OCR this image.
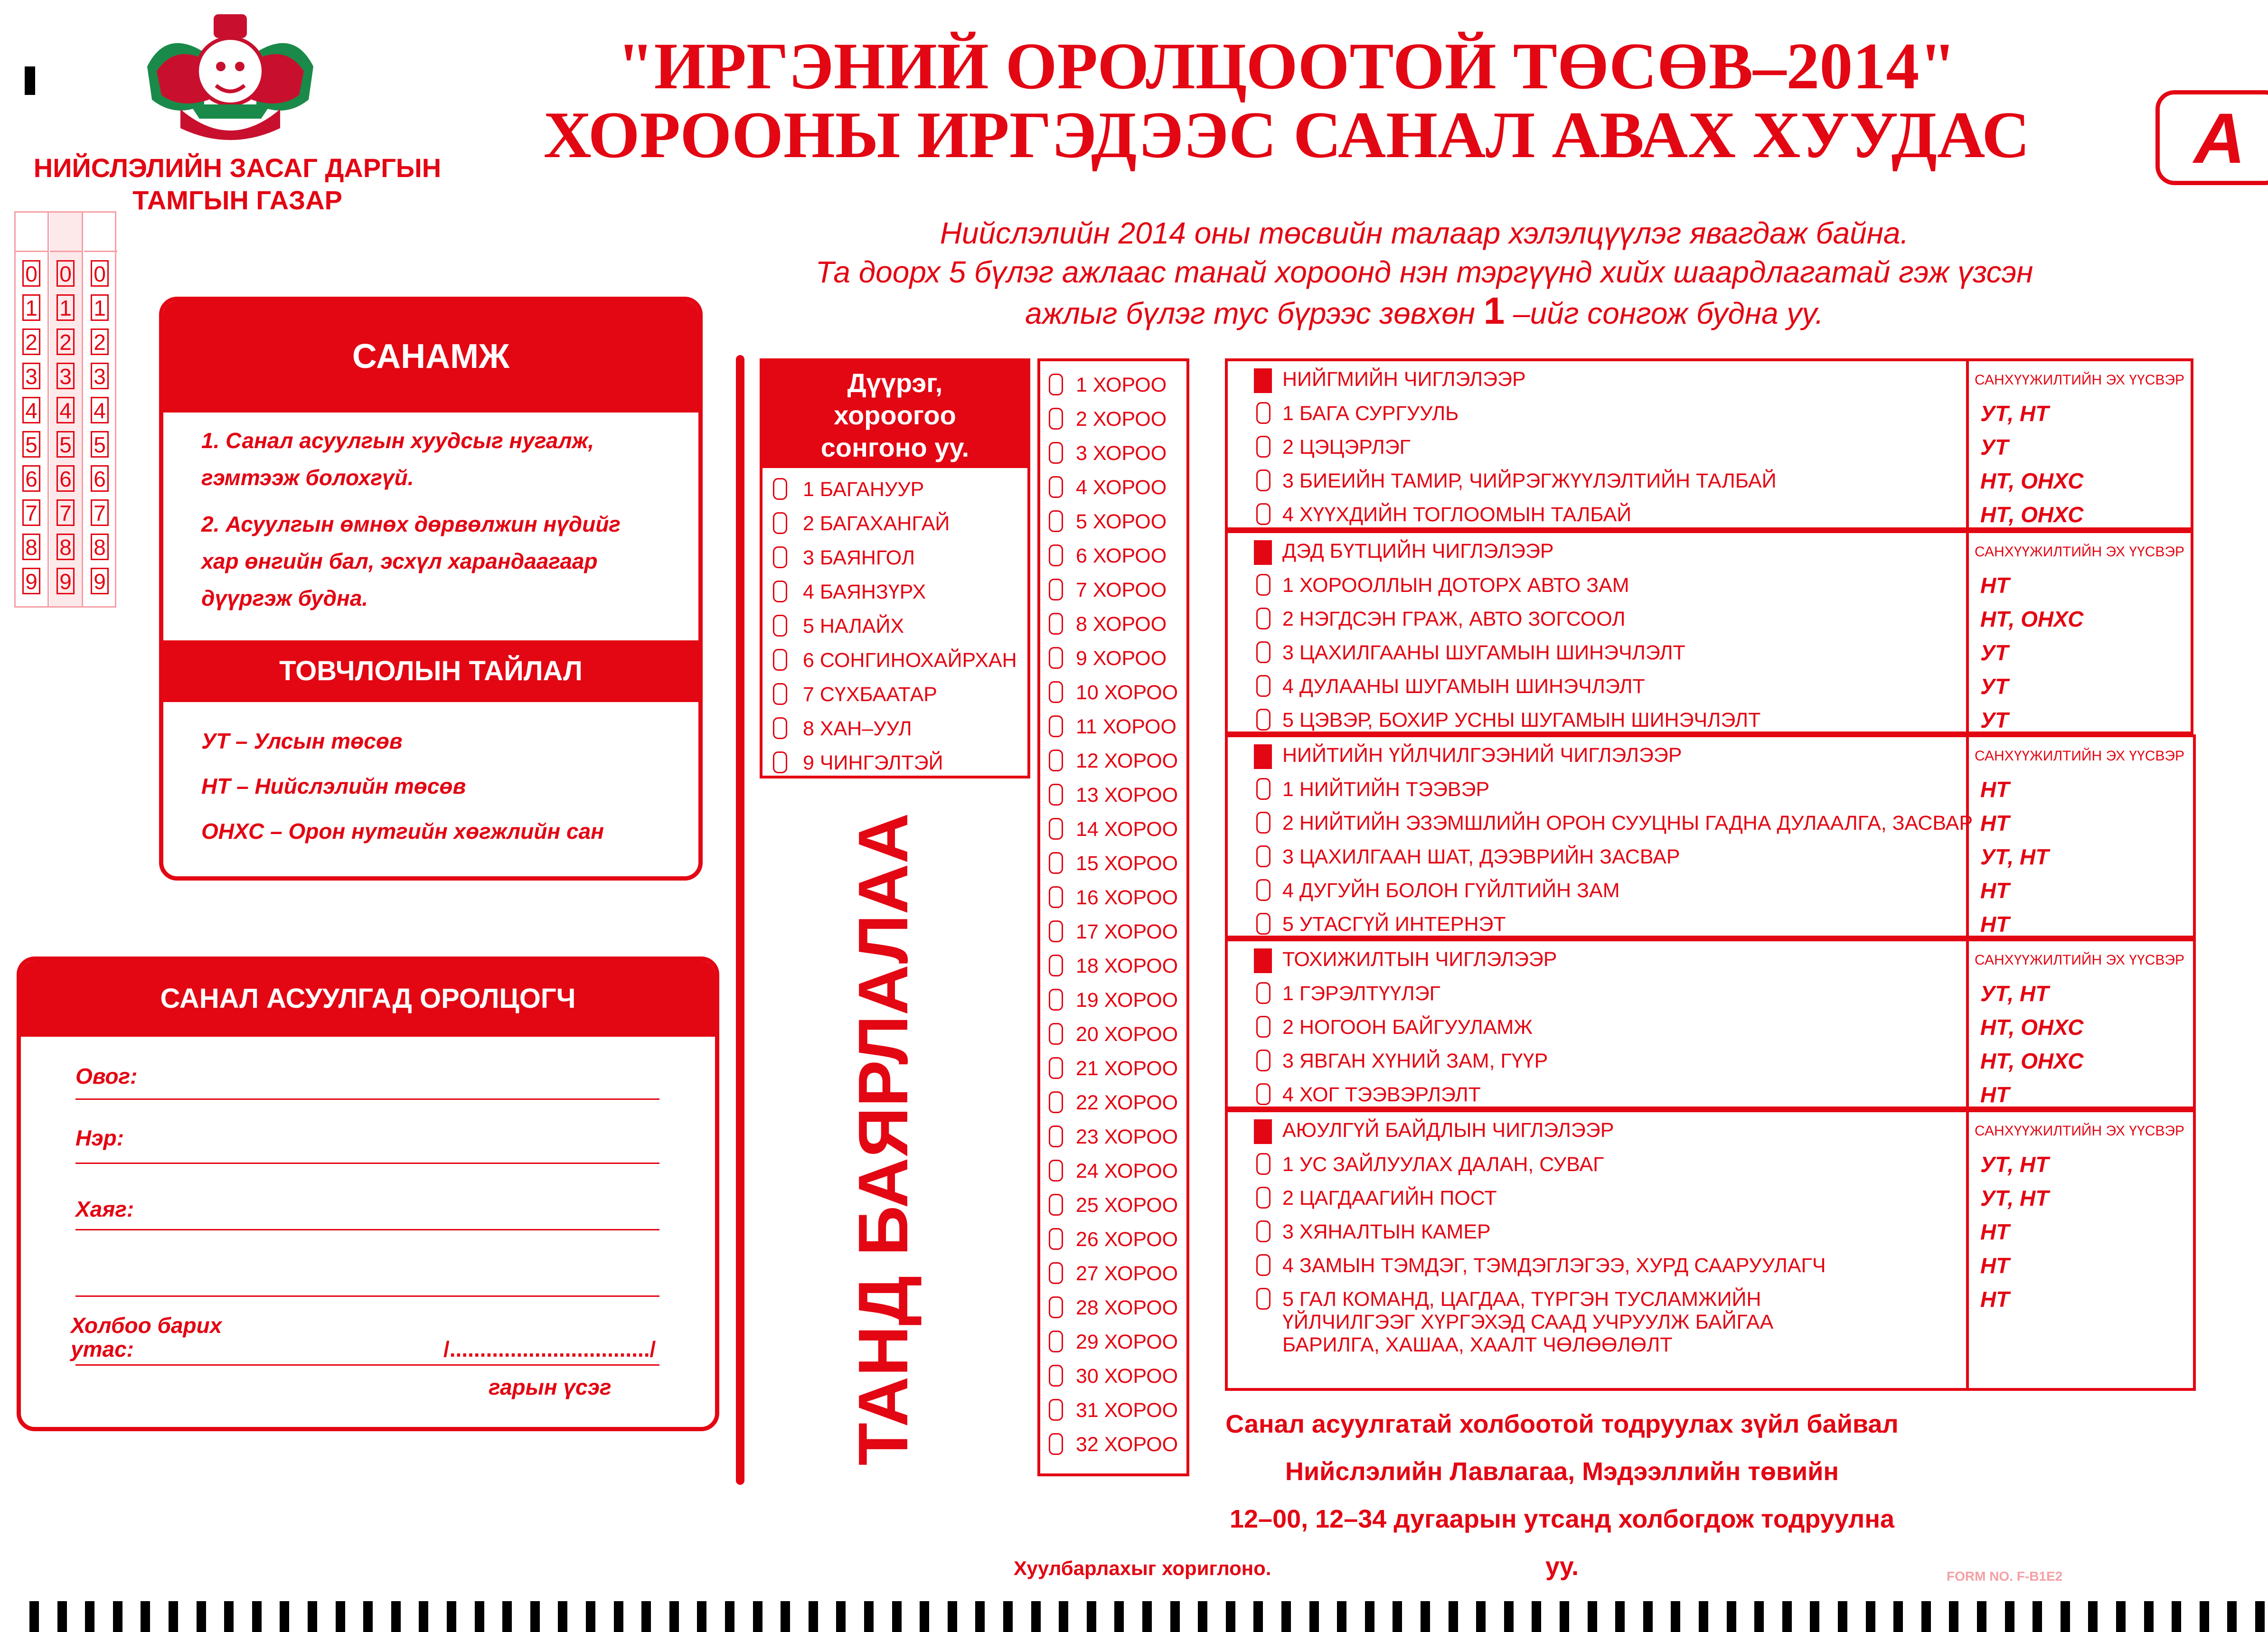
"ИРГЭНИЙ ОРОЛЦООТОЙ ТӨСӨВ–2014"
ХОРООНЫ ИРГЭДЭЭС САНАЛ АВАХ ХУУДАС	A
НИЙСЛЭЛИЙН ЗАСАГ ДАРГЫН
ТАМГЫН ГАЗАР
Нийслэлийн 2014 оны төсвийн талаар хэлэлцүүлэг явагдаж байна.
Та доорх 5 бүлэг ажлаас танай хороонд нэн тэргүүнд хийх шаардлагатай гэж үзсэн
ажлыг бүлэг тус бүрээс зөвхөн 1 –ийг сонгож будна уу.
0 0 0
1 1 1
2 2 2
3 3 3
4 4 4
5 5 5
6 6 6
7 7 7
8 8 8
9 9 9
САНАМЖ
1. Санал асуулгын хуудсыг нугалж,
гэмтээж болохгүй.
2. Асуулгын өмнөх дөрвөлжин нүдийг
хар өнгийн бал, эсхүл харандаагаар
дүүргэж будна.
ТОВЧЛОЛЫН ТАЙЛАЛ
УТ – Улсын төсөв
НТ – Нийслэлийн төсөв
ОНХС – Орон нутгийн хөгжлийн сан
САНАЛ АСУУЛГАД ОРОЛЦОГЧ
Овог:
Нэр:
Хаяг:
Холбоо барих
утас:	/................................./
гарын үсэг	ТАНД БАЯРЛАЛАА
Дүүрэг,
хорoогоо
сонгоно уу.
1 БАГАНУУР
2 БАГАХАНГАЙ
3 БАЯНГОЛ
4 БАЯНЗҮРХ
5 НАЛАЙХ
6 СОНГИНОХАЙРХАН
7 СҮХБААТАР
8 ХАН–УУЛ
9 ЧИНГЭЛТЭЙ
1 ХОРОО
2 ХОРОО
3 ХОРОО
4 ХОРОО
5 ХОРОО
6 ХОРОО
7 ХОРОО
8 ХОРОО
9 ХОРОО
10 ХОРОО
11 ХОРОО
12 ХОРОО
13 ХОРОО
14 ХОРОО
15 ХОРОО
16 ХОРОО
17 ХОРОО
18 ХОРОО
19 ХОРОО
20 ХОРОО
21 ХОРОО
22 ХОРОО
23 ХОРОО
24 ХОРОО
25 ХОРОО
26 ХОРОО
27 ХОРОО
28 ХОРОО
29 ХОРОО
30 ХОРОО
31 ХОРОО
32 ХОРОО
НИЙГМИЙН ЧИГЛЭЛЭЭР	САНХҮҮЖИЛТИЙН ЭХ ҮҮСВЭР
1 БАГА СУРГУУЛЬ	УТ, НТ
2 ЦЭЦЭРЛЭГ	УТ
3 БИЕИЙН ТАМИР, ЧИЙРЭГЖҮҮЛЭЛТИЙН ТАЛБАЙ	НТ, ОНХС
4 ХҮҮХДИЙН ТОГЛООМЫН ТАЛБАЙ	НТ, ОНХС
ДЭД БҮТЦИЙН ЧИГЛЭЛЭЭР	САНХҮҮЖИЛТИЙН ЭХ ҮҮСВЭР
1 ХОРООЛЛЫН ДОТОРХ АВТО ЗАМ	НТ
2 НЭГДСЭН ГРАЖ, АВТО ЗОГСООЛ	НТ, ОНХС
3 ЦАХИЛГААНЫ ШУГАМЫН ШИНЭЧЛЭЛТ	УТ
4 ДУЛААНЫ ШУГАМЫН ШИНЭЧЛЭЛТ	УТ
5 ЦЭВЭР, БОХИР УСНЫ ШУГАМЫН ШИНЭЧЛЭЛТ	УТ
НИЙТИЙН ҮЙЛЧИЛГЭЭНИЙ ЧИГЛЭЛЭЭР	САНХҮҮЖИЛТИЙН ЭХ ҮҮСВЭР
1 НИЙТИЙН ТЭЭВЭР	НТ
2 НИЙТИЙН ЭЗЭМШЛИЙН ОРОН СУУЦНЫ ГАДНА ДУЛААЛГА, ЗАСВАР НТ
3 ЦАХИЛГААН ШАТ, ДЭЭВРИЙН ЗАСВАР	УТ, НТ
4 ДУГУЙН БОЛОН ГҮЙЛТИЙН ЗАМ	НТ
5 УТАСГҮЙ ИНТЕРНЭТ	НТ
ТОХИЖИЛТЫН ЧИГЛЭЛЭЭР	САНХҮҮЖИЛТИЙН ЭХ ҮҮСВЭР
1 ГЭРЭЛТҮҮЛЭГ	УТ, НТ
2 НОГООН БАЙГУУЛАМЖ	НТ, ОНХС
3 ЯВГАН ХҮНИЙ ЗАМ, ГҮҮР	НТ, ОНХС
4 ХОГ ТЭЭВЭРЛЭЛТ	НТ
АЮУЛГҮЙ БАЙДЛЫН ЧИГЛЭЛЭЭР	САНХҮҮЖИЛТИЙН ЭХ ҮҮСВЭР
1 УС ЗАЙЛУУЛАХ ДАЛАН, СУВАГ	УТ, НТ
2 ЦАГДААГИЙН ПОСТ	УТ, НТ
3 ХЯНАЛТЫН КАМЕР	НТ
4 ЗАМЫН ТЭМДЭГ, ТЭМДЭГЛЭГЭЭ, ХУРД СААРУУЛАГЧ	НТ
5 ГАЛ КОМАНД, ЦАГДАА, ТҮРГЭН ТУСЛАМЖИЙН
ҮЙЛЧИЛГЭЭГ ХҮРГЭХЭД СААД УЧРУУЛЖ БАЙГАА
БАРИЛГА, ХАШАА, ХААЛТ ЧӨЛӨӨЛӨЛТ
НТ
Санал асуулгатай холбоотой тодруулах зүйл байвал
Нийслэлийн Лавлагаа, Мэдээллийн төвийн
12–00, 12–34 дугаарын утсанд холбогдож тодруулна уу.
Хуулбарлахыг хориглоно.	FORM NO. F-B1E2
